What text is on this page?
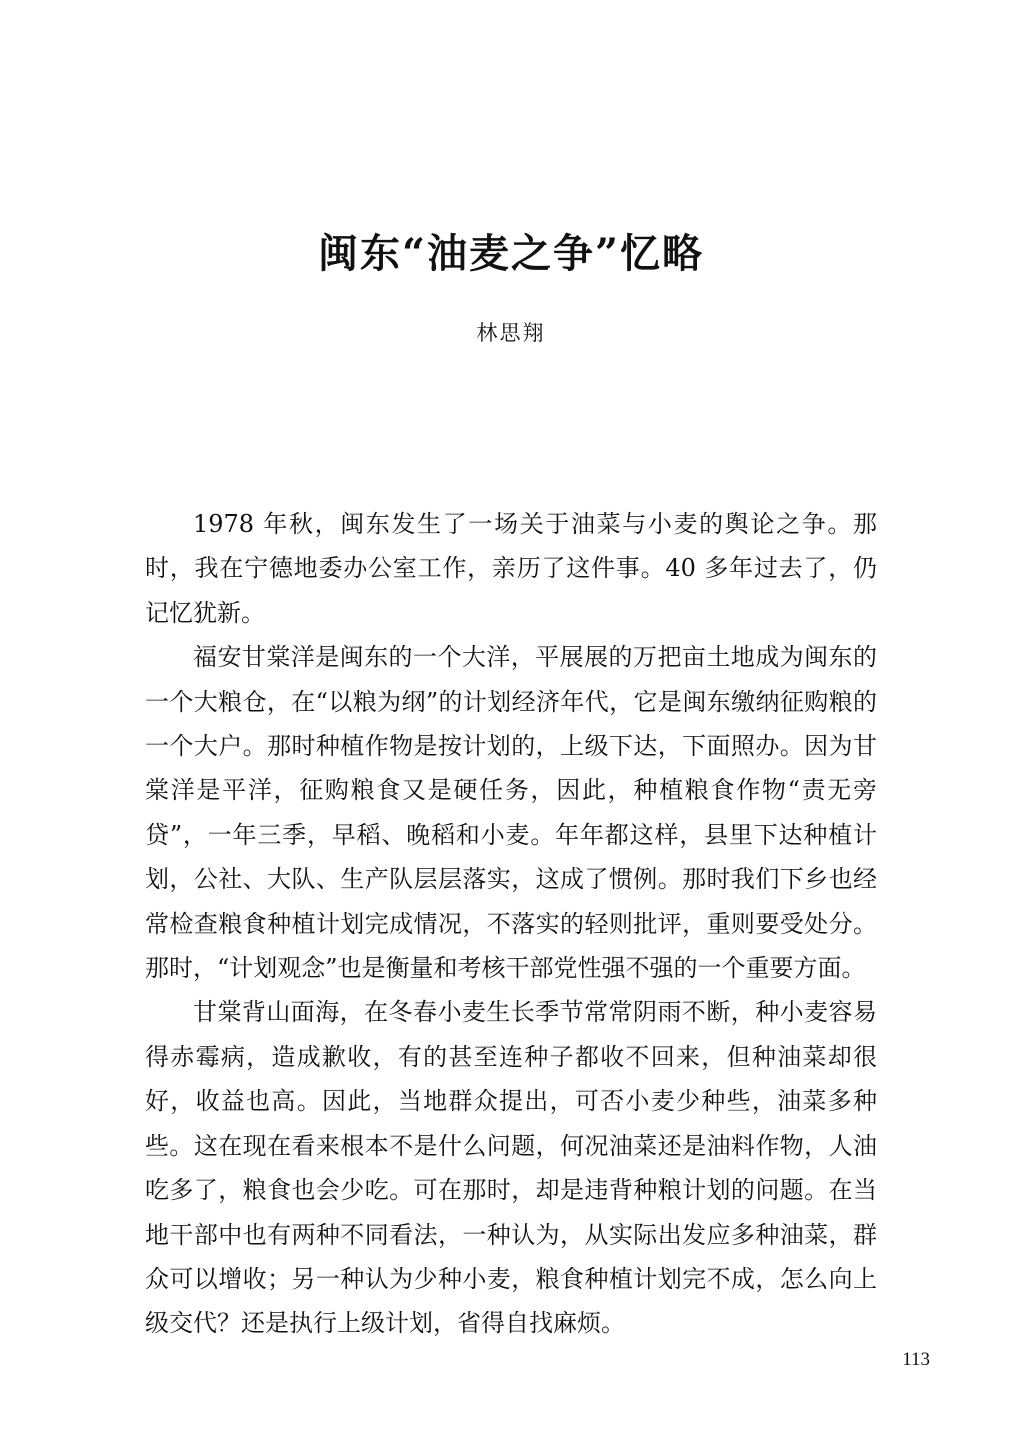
闽东“油麦之争”忆略
林思翔

1978 年秋，闽东发生了一场关于油菜与小麦的舆论之争。那时，我在宁德地委办公室工作，亲历了这件事。40 多年过去了，仍记忆犹新。

福安甘棠洋是闽东的一个大洋，平展展的万把亩土地成为闽东的一个大粮仓，在“以粮为纲”的计划经济年代，它是闽东缴纳征购粮的一个大户。那时种植作物是按计划的，上级下达，下面照办。因为甘棠洋是平洋，征购粮食又是硬任务，因此，种植粮食作物“责无旁贷”，一年三季，早稻、晚稻和小麦。年年都这样，县里下达种植计划，公社、大队、生产队层层落实，这成了惯例。那时我们下乡也经常检查粮食种植计划完成情况，不落实的轻则批评，重则要受处分。那时，“计划观念”也是衡量和考核干部党性强不强的一个重要方面。

甘棠背山面海，在冬春小麦生长季节常常阴雨不断，种小麦容易得赤霉病，造成歉收，有的甚至连种子都收不回来，但种油菜却很好，收益也高。因此，当地群众提出，可否小麦少种些，油菜多种些。这在现在看来根本不是什么问题，何况油菜还是油料作物，人油吃多了，粮食也会少吃。可在那时，却是违背种粮计划的问题。在当地干部中也有两种不同看法，一种认为，从实际出发应多种油菜，群众可以增收；另一种认为少种小麦，粮食种植计划完不成，怎么向上级交代？还是执行上级计划，省得自找麻烦。

113
